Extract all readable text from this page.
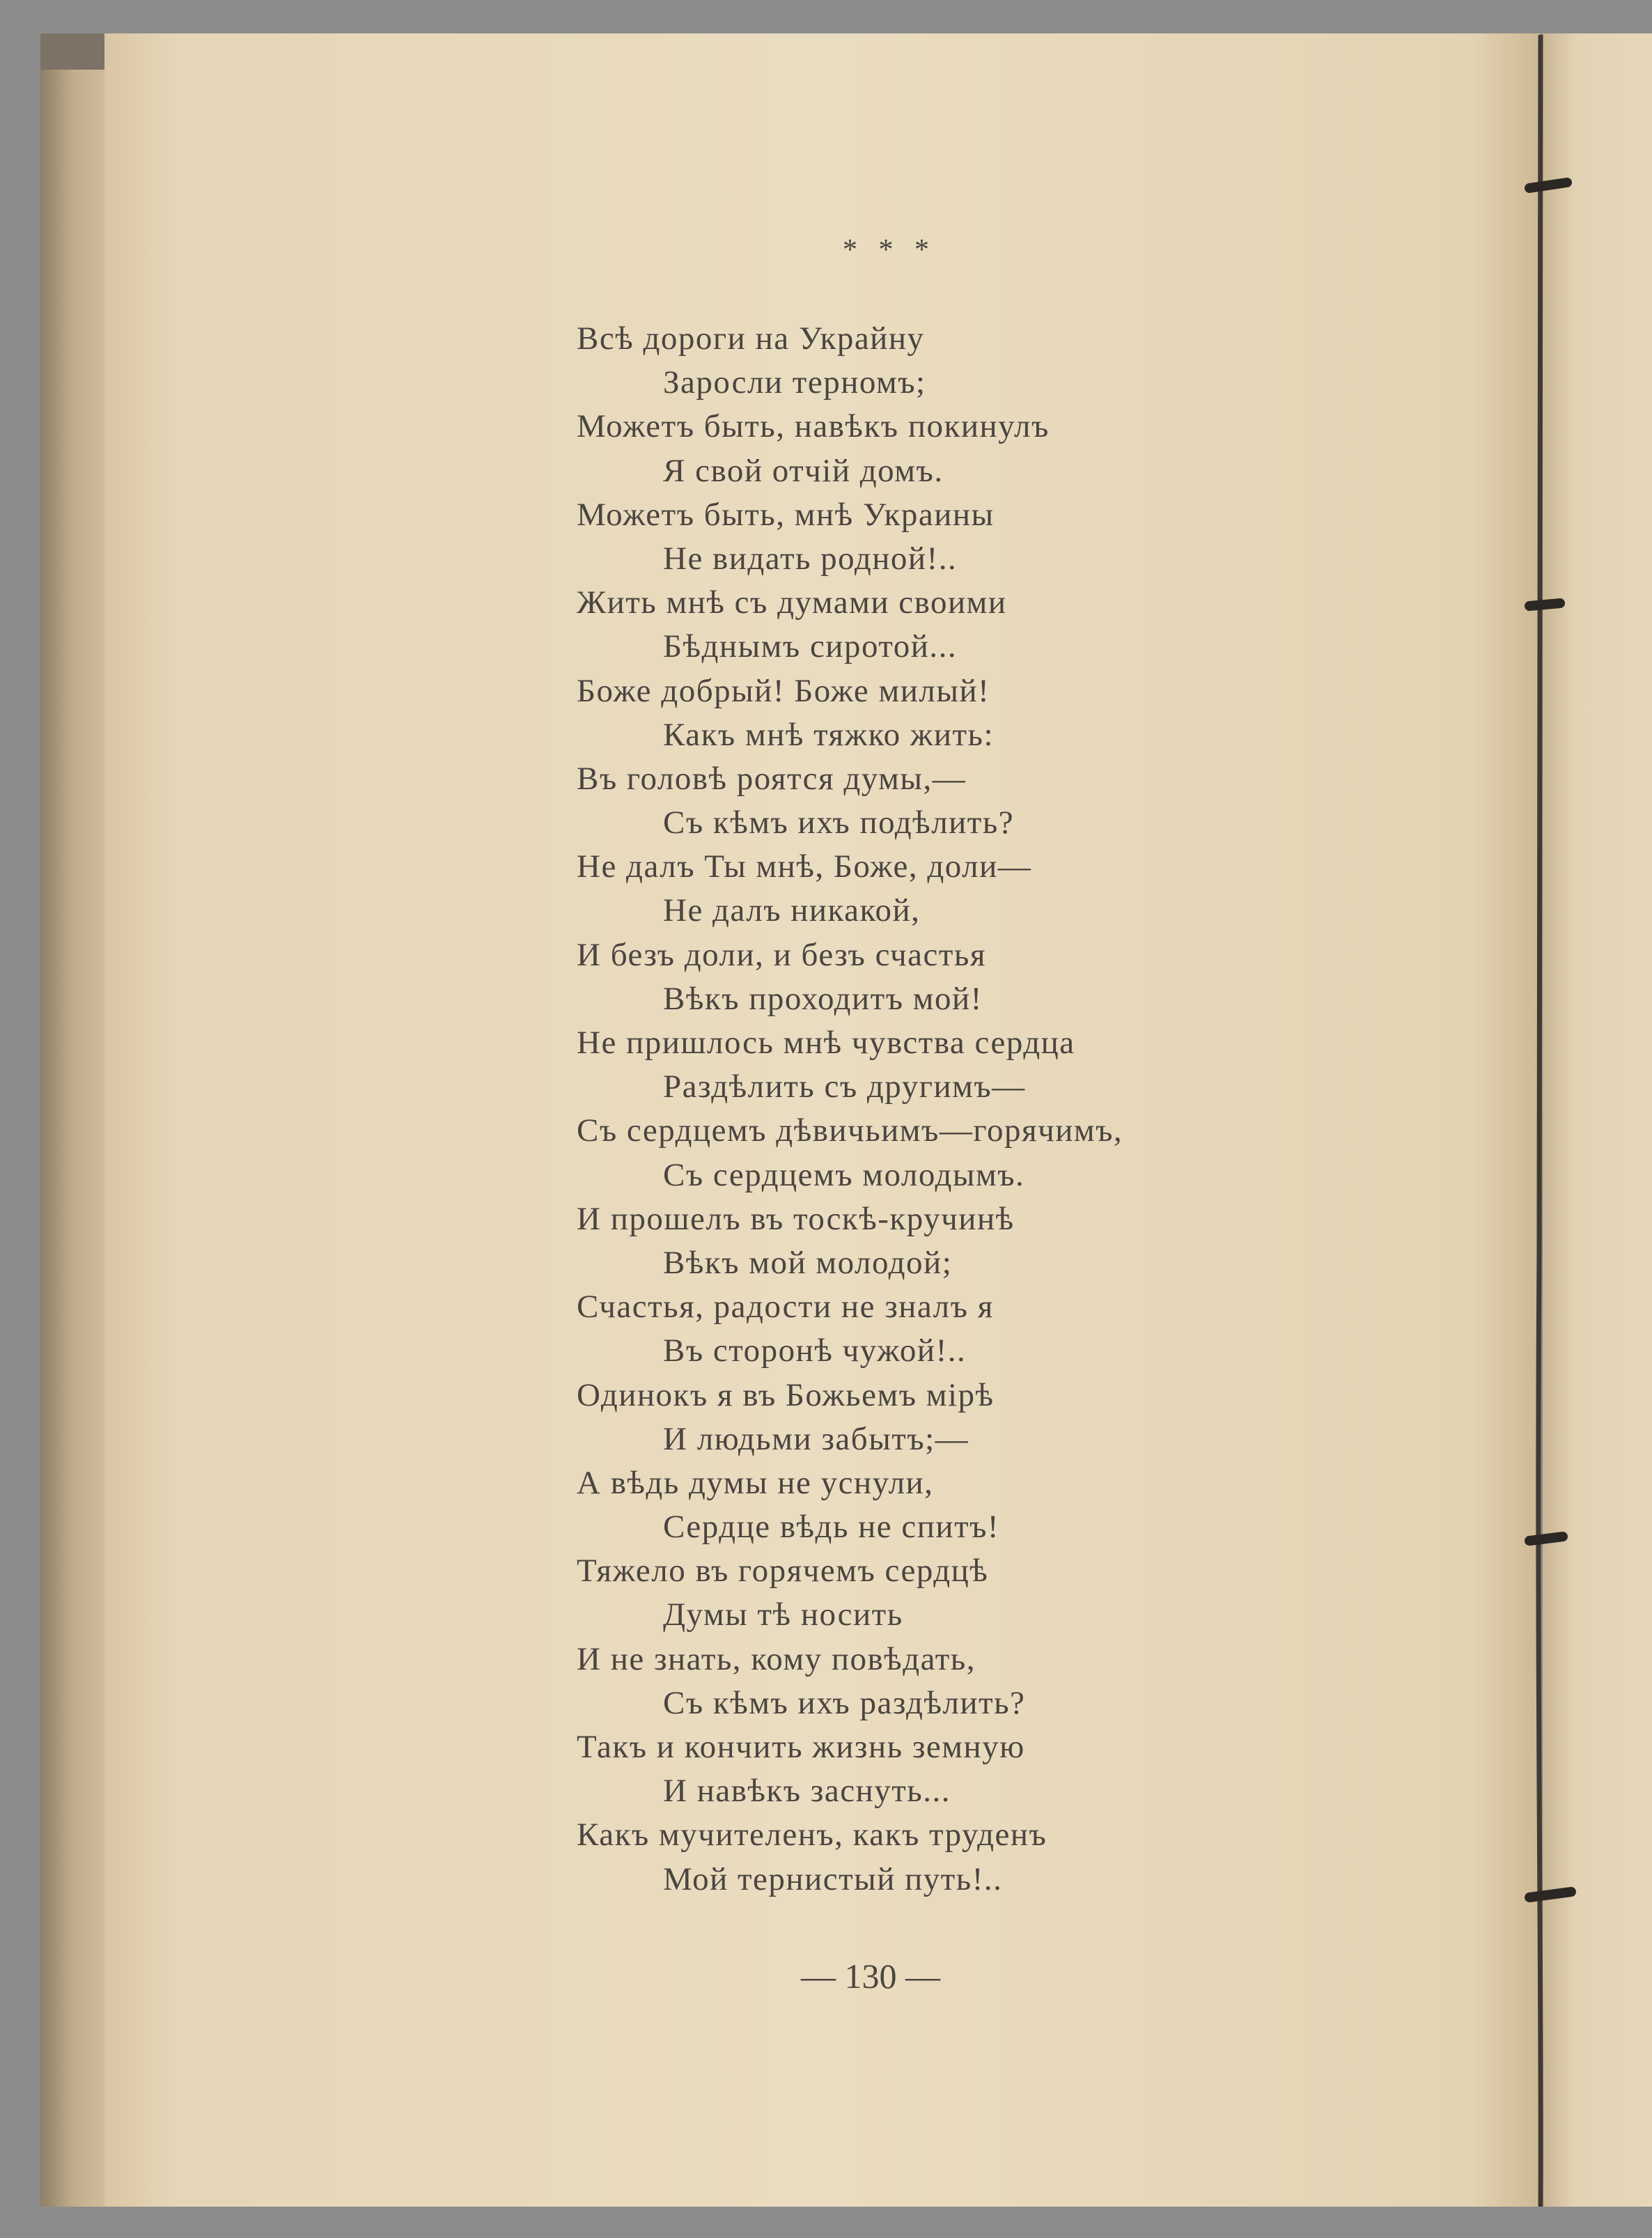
* * *
Всѣ дороги на Украйну
Заросли терномъ;
Можетъ быть, навѣкъ покинулъ
Я свой отчій домъ.
Можетъ быть, мнѣ Украины
Не видать родной!..
Жить мнѣ съ думами своими
Бѣднымъ сиротой...
Боже добрый! Боже милый!
Какъ мнѣ тяжко жить:
Въ головѣ роятся думы,—
Съ кѣмъ ихъ подѣлить?
Не далъ Ты мнѣ, Боже, доли—
Не далъ никакой,
И безъ доли, и безъ счастья
Вѣкъ проходитъ мой!
Не пришлось мнѣ чувства сердца
Раздѣлить съ другимъ—
Съ сердцемъ дѣвичьимъ—горячимъ,
Съ сердцемъ молодымъ.
И прошелъ въ тоскѣ-кручинѣ
Вѣкъ мой молодой;
Счастья, радости не зналъ я
Въ сторонѣ чужой!..
Одинокъ я въ Божьемъ мірѣ
И людьми забытъ;—
А вѣдь думы не уснули,
Сердце вѣдь не спитъ!
Тяжело въ горячемъ сердцѣ
Думы тѣ носить
И не знать, кому повѣдать,
Съ кѣмъ ихъ раздѣлить?
Такъ и кончить жизнь земную
И навѣкъ заснуть...
Какъ мучителенъ, какъ труденъ
Мой тернистый путь!..
— 130 —
